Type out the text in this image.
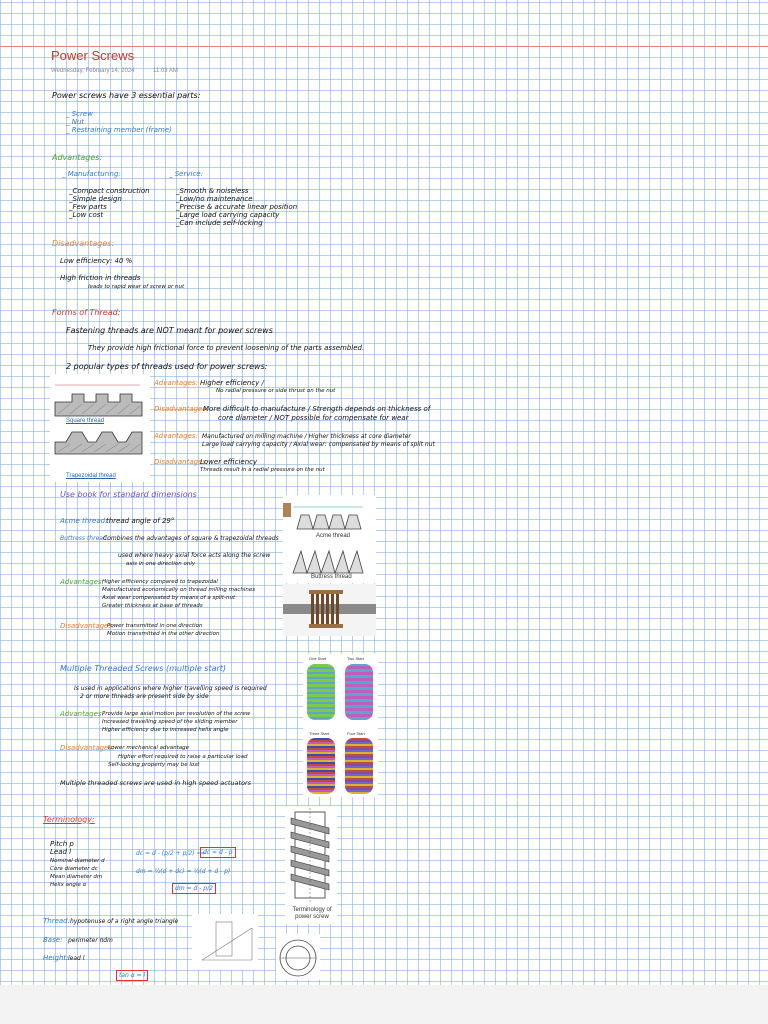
Power Screws
Wednesday, February 14, 2024	11:03 AM
Power screws have 3 essential parts:
_ Screw
_ Nut
_ Restraining member (frame)
Advantages:
_ Manufacturing:
_Compact construction
_Simple design
_Few parts
_Low cost
_ Service:
_Smooth & noiseless
_Low/no maintenance
_Precise & accurate linear position
_Large load carrying capacity
_Can include self-locking
Disadvantages:
Low efficiency: 40 %
High friction in threads
leads to rapid wear of screw or nut
Forms of Thread:
Fastening threads are NOT meant for power screws
They provide high frictional force to prevent loosening of the parts assembled.
2 popular types of threads used for power screws:
Square thread
Trapezoidal thread
Advantages: Higher efficiency /
No radial pressure or side thrust on the nut
Disadvantages:
More difficult to manufacture / Strength depends on thickness of
core diameter / NOT possible for compensate for wear
Advantages: Manufactured on milling machine / Higher thickness at core diameter
Large load carrying capacity / Axial wear: compensated by means of split nut
Disadvantages:
Lower efficiency
Threads result in a radial pressure on the nut
Use book for standard dimensions
Acme thread:
thread angle of 29°
Buttress thread:
Combines the advantages of square & trapezoidal threads
used where heavy axial force acts along the screw
axis in one direction only
Advantages:
Higher efficiency compared to trapezoidal
Manufactured economically on thread milling machines
Axial wear compensated by means of a split-nut
Greater thickness at base of threads
Disadvantages:
Power transmitted in one direction
Motion transmitted in the other direction
Acme thread
Buttress thread
Multiple Threaded Screws (multiple start)
Is used in applications where higher travelling speed is required
2 or more threads are present side by side
Advantages:
Provide large axial motion per revolution of the screw
Increased travelling speed of the sliding member
Higher efficiency due to increased helix angle
Disadvantages:
Lower mechanical advantage
Higher effort required to raise a particular load
Self-locking property may be lost
Multiple threaded screws are used in high speed actuators
One Start	Two Start
Three Start	Four Start
Terminology:
Pitch p
Lead l
Nominal diameter d
Core diameter dc
Mean diameter dm
Helix angle α
dc = d - (p/2 + p/2) ⟹
dc = d - p
dm = ½(d + dc) = ½(d + d - p)
dm = d - p/2
Terminology of power screw
Thread: hypotenuse of a right angle triangle
Base: perimeter πdm
Height: lead l
tan α = l
